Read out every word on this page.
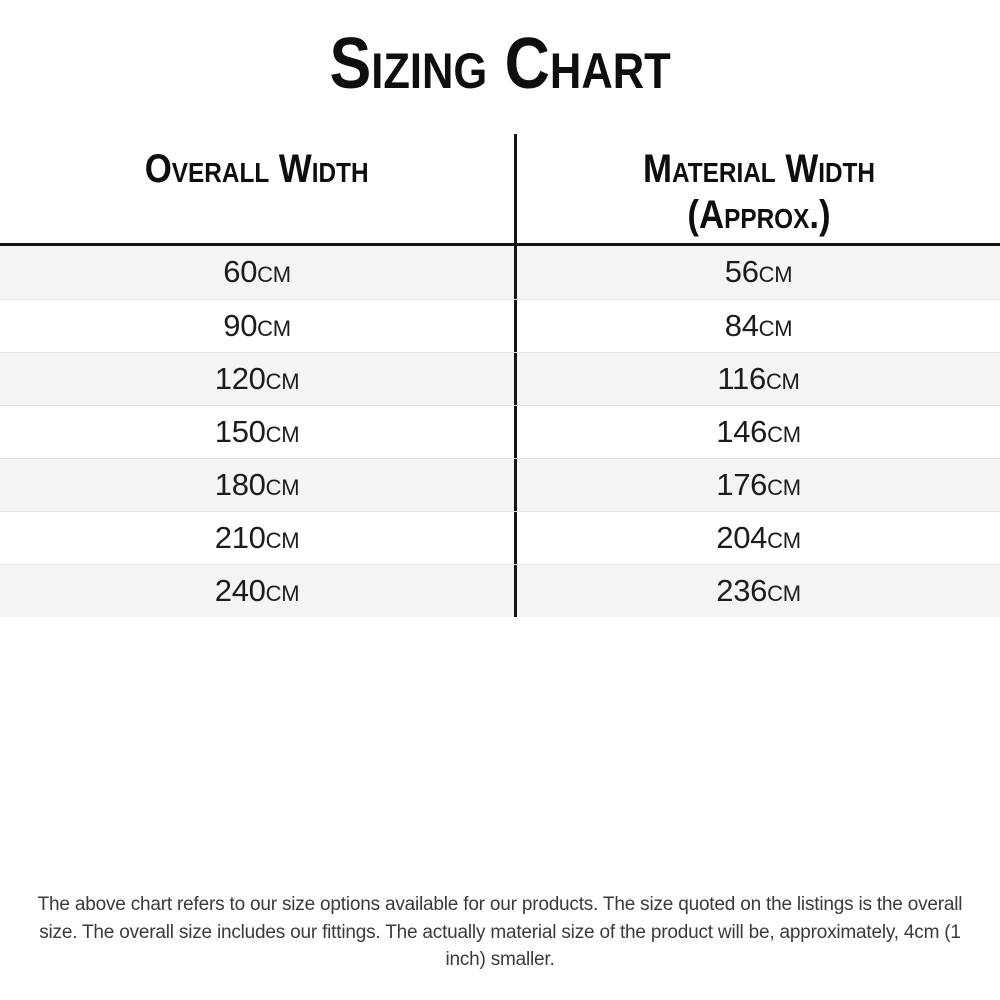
Sizing Chart
Overall Width	Material Width (Approx.)
60cm	56cm
90cm	84cm
120cm	116cm
150cm	146cm
180cm	176cm
210cm	204cm
240cm	236cm

The above chart refers to our size options available for our products. The size quoted on the listings is the overall size. The overall size includes our fittings. The actually material size of the product will be, approximately, 4cm (1 inch) smaller.
